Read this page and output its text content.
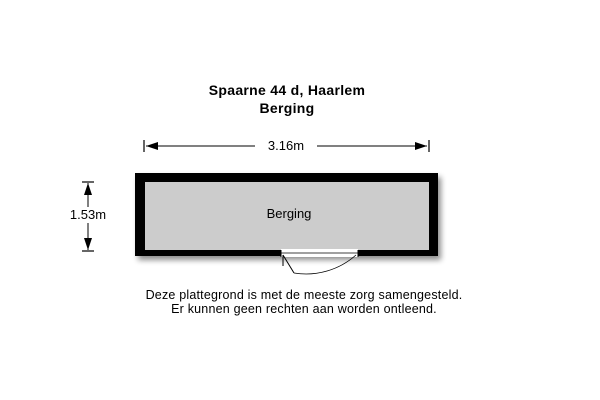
Spaarne 44 d, Haarlem
Berging
3.16m
1.53m	Berging
Deze plattegrond is met de meeste zorg samengesteld.
Er kunnen geen rechten aan worden ontleend.
